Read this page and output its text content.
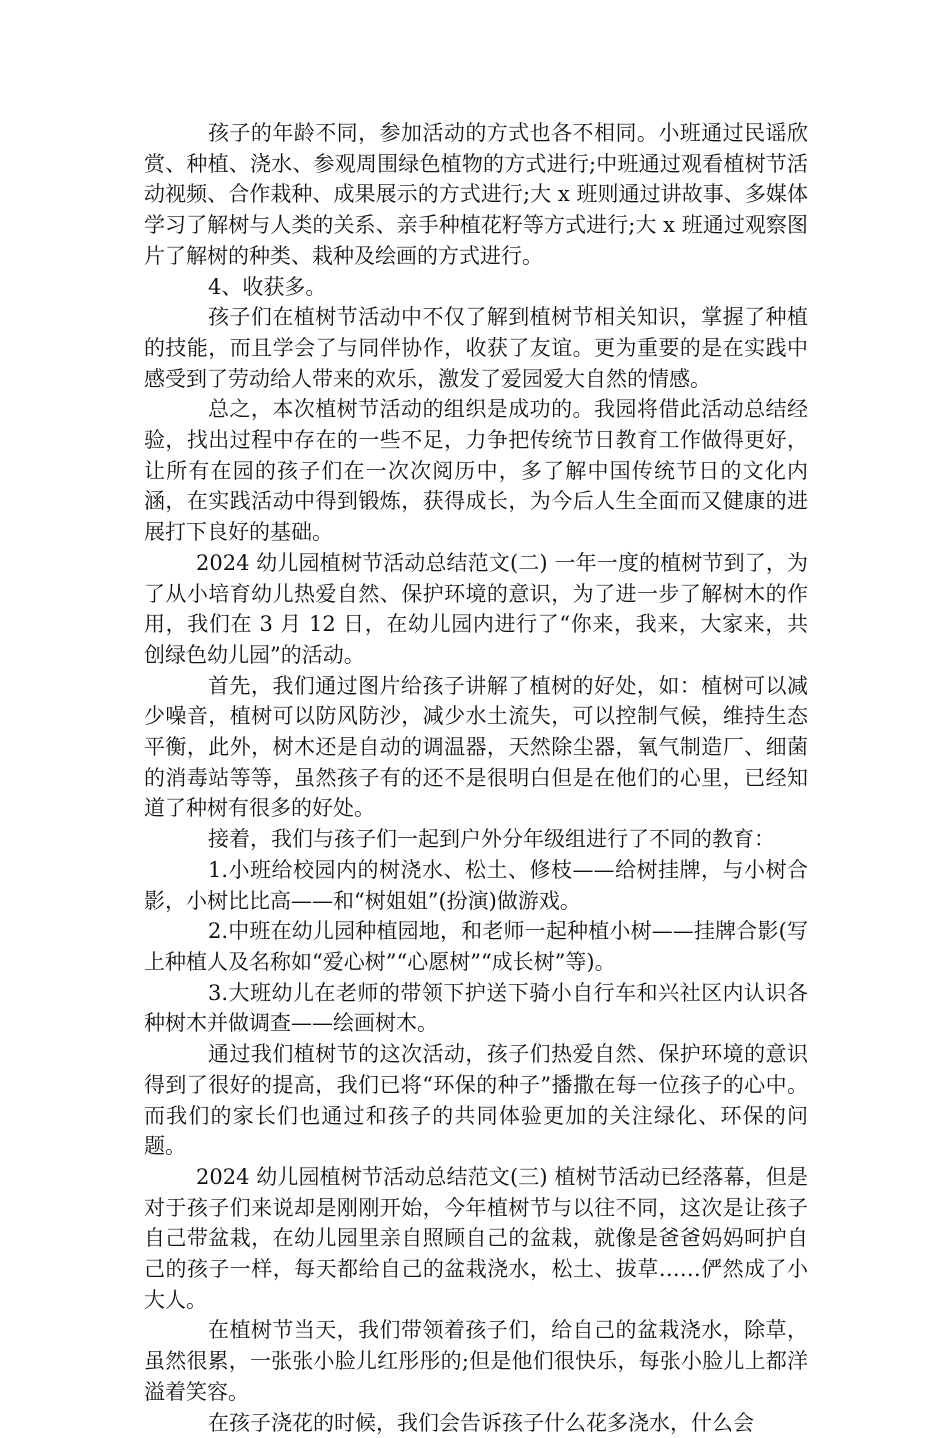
孩子的年龄不同，参加活动的方式也各不相同。小班通过民谣欣赏、种植、浇水、参观周围绿色植物的方式进行;中班通过观看植树节活动视频、合作栽种、成果展示的方式进行;大 x 班则通过讲故事、多媒体学习了解树与人类的关系、亲手种植花籽等方式进行;大 x 班通过观察图片了解树的种类、栽种及绘画的方式进行。

4、收获多。

孩子们在植树节活动中不仅了解到植树节相关知识，掌握了种植的技能，而且学会了与同伴协作，收获了友谊。更为重要的是在实践中感受到了劳动给人带来的欢乐，激发了爱园爱大自然的情感。

总之，本次植树节活动的组织是成功的。我园将借此活动总结经验，找出过程中存在的一些不足，力争把传统节日教育工作做得更好，让所有在园的孩子们在一次次阅历中，多了解中国传统节日的文化内涵，在实践活动中得到锻炼，获得成长，为今后人生全面而又健康的进展打下良好的基础。

2024 幼儿园植树节活动总结范文(二) 一年一度的植树节到了，为了从小培育幼儿热爱自然、保护环境的意识，为了进一步了解树木的作用，我们在 3 月 12 日，在幼儿园内进行了“你来，我来，大家来，共创绿色幼儿园”的活动。

首先，我们通过图片给孩子讲解了植树的好处，如：植树可以减少噪音，植树可以防风防沙，减少水土流失，可以控制气候，维持生态平衡，此外，树木还是自动的调温器，天然除尘器，氧气制造厂、细菌的消毒站等等，虽然孩子有的还不是很明白但是在他们的心里，已经知道了种树有很多的好处。

接着，我们与孩子们一起到户外分年级组进行了不同的教育：

1.小班给校园内的树浇水、松土、修枝——给树挂牌，与小树合影，小树比比高——和“树姐姐”(扮演)做游戏。

2.中班在幼儿园种植园地，和老师一起种植小树——挂牌合影(写上种植人及名称如“爱心树”“心愿树”“成长树”等)。

3.大班幼儿在老师的带领下护送下骑小自行车和兴社区内认识各种树木并做调查——绘画树木。

通过我们植树节的这次活动，孩子们热爱自然、保护环境的意识得到了很好的提高，我们已将“环保的种子”播撒在每一位孩子的心中。而我们的家长们也通过和孩子的共同体验更加的关注绿化、环保的问题。

2024 幼儿园植树节活动总结范文(三) 植树节活动已经落幕，但是对于孩子们来说却是刚刚开始，今年植树节与以往不同，这次是让孩子自己带盆栽，在幼儿园里亲自照顾自己的盆栽，就像是爸爸妈妈呵护自己的孩子一样，每天都给自己的盆栽浇水，松土、拔草……俨然成了小大人。

在植树节当天，我们带领着孩子们，给自己的盆栽浇水，除草，虽然很累，一张张小脸儿红彤彤的;但是他们很快乐，每张小脸儿上都洋溢着笑容。

在孩子浇花的时候，我们会告诉孩子什么花多浇水，什么会
